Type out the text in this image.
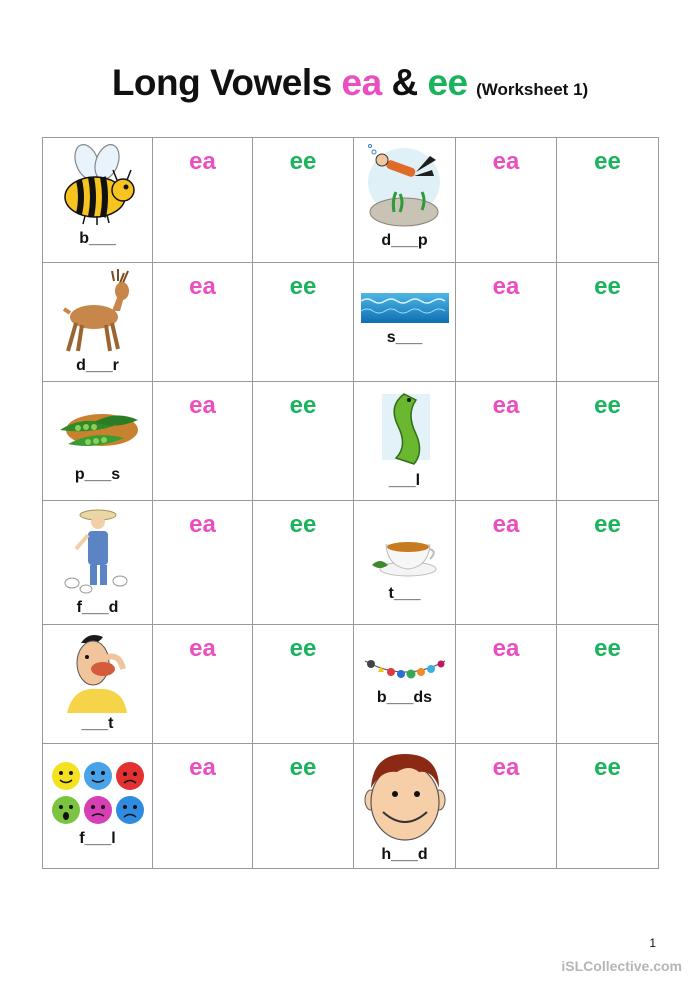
Long Vowels ea & ee (Worksheet 1)
b___	ea	ee	d___p	ea	ee

d___r	ea	ee	s___	ea	ee

p___s	ea	ee	___l	ea	ee

f___d	ea	ee	t___	ea	ee

___t	ea	ee	b___ds	ea	ee

f___l	ea	ee	h___d	ea	ee
1
iSLCollective.com
